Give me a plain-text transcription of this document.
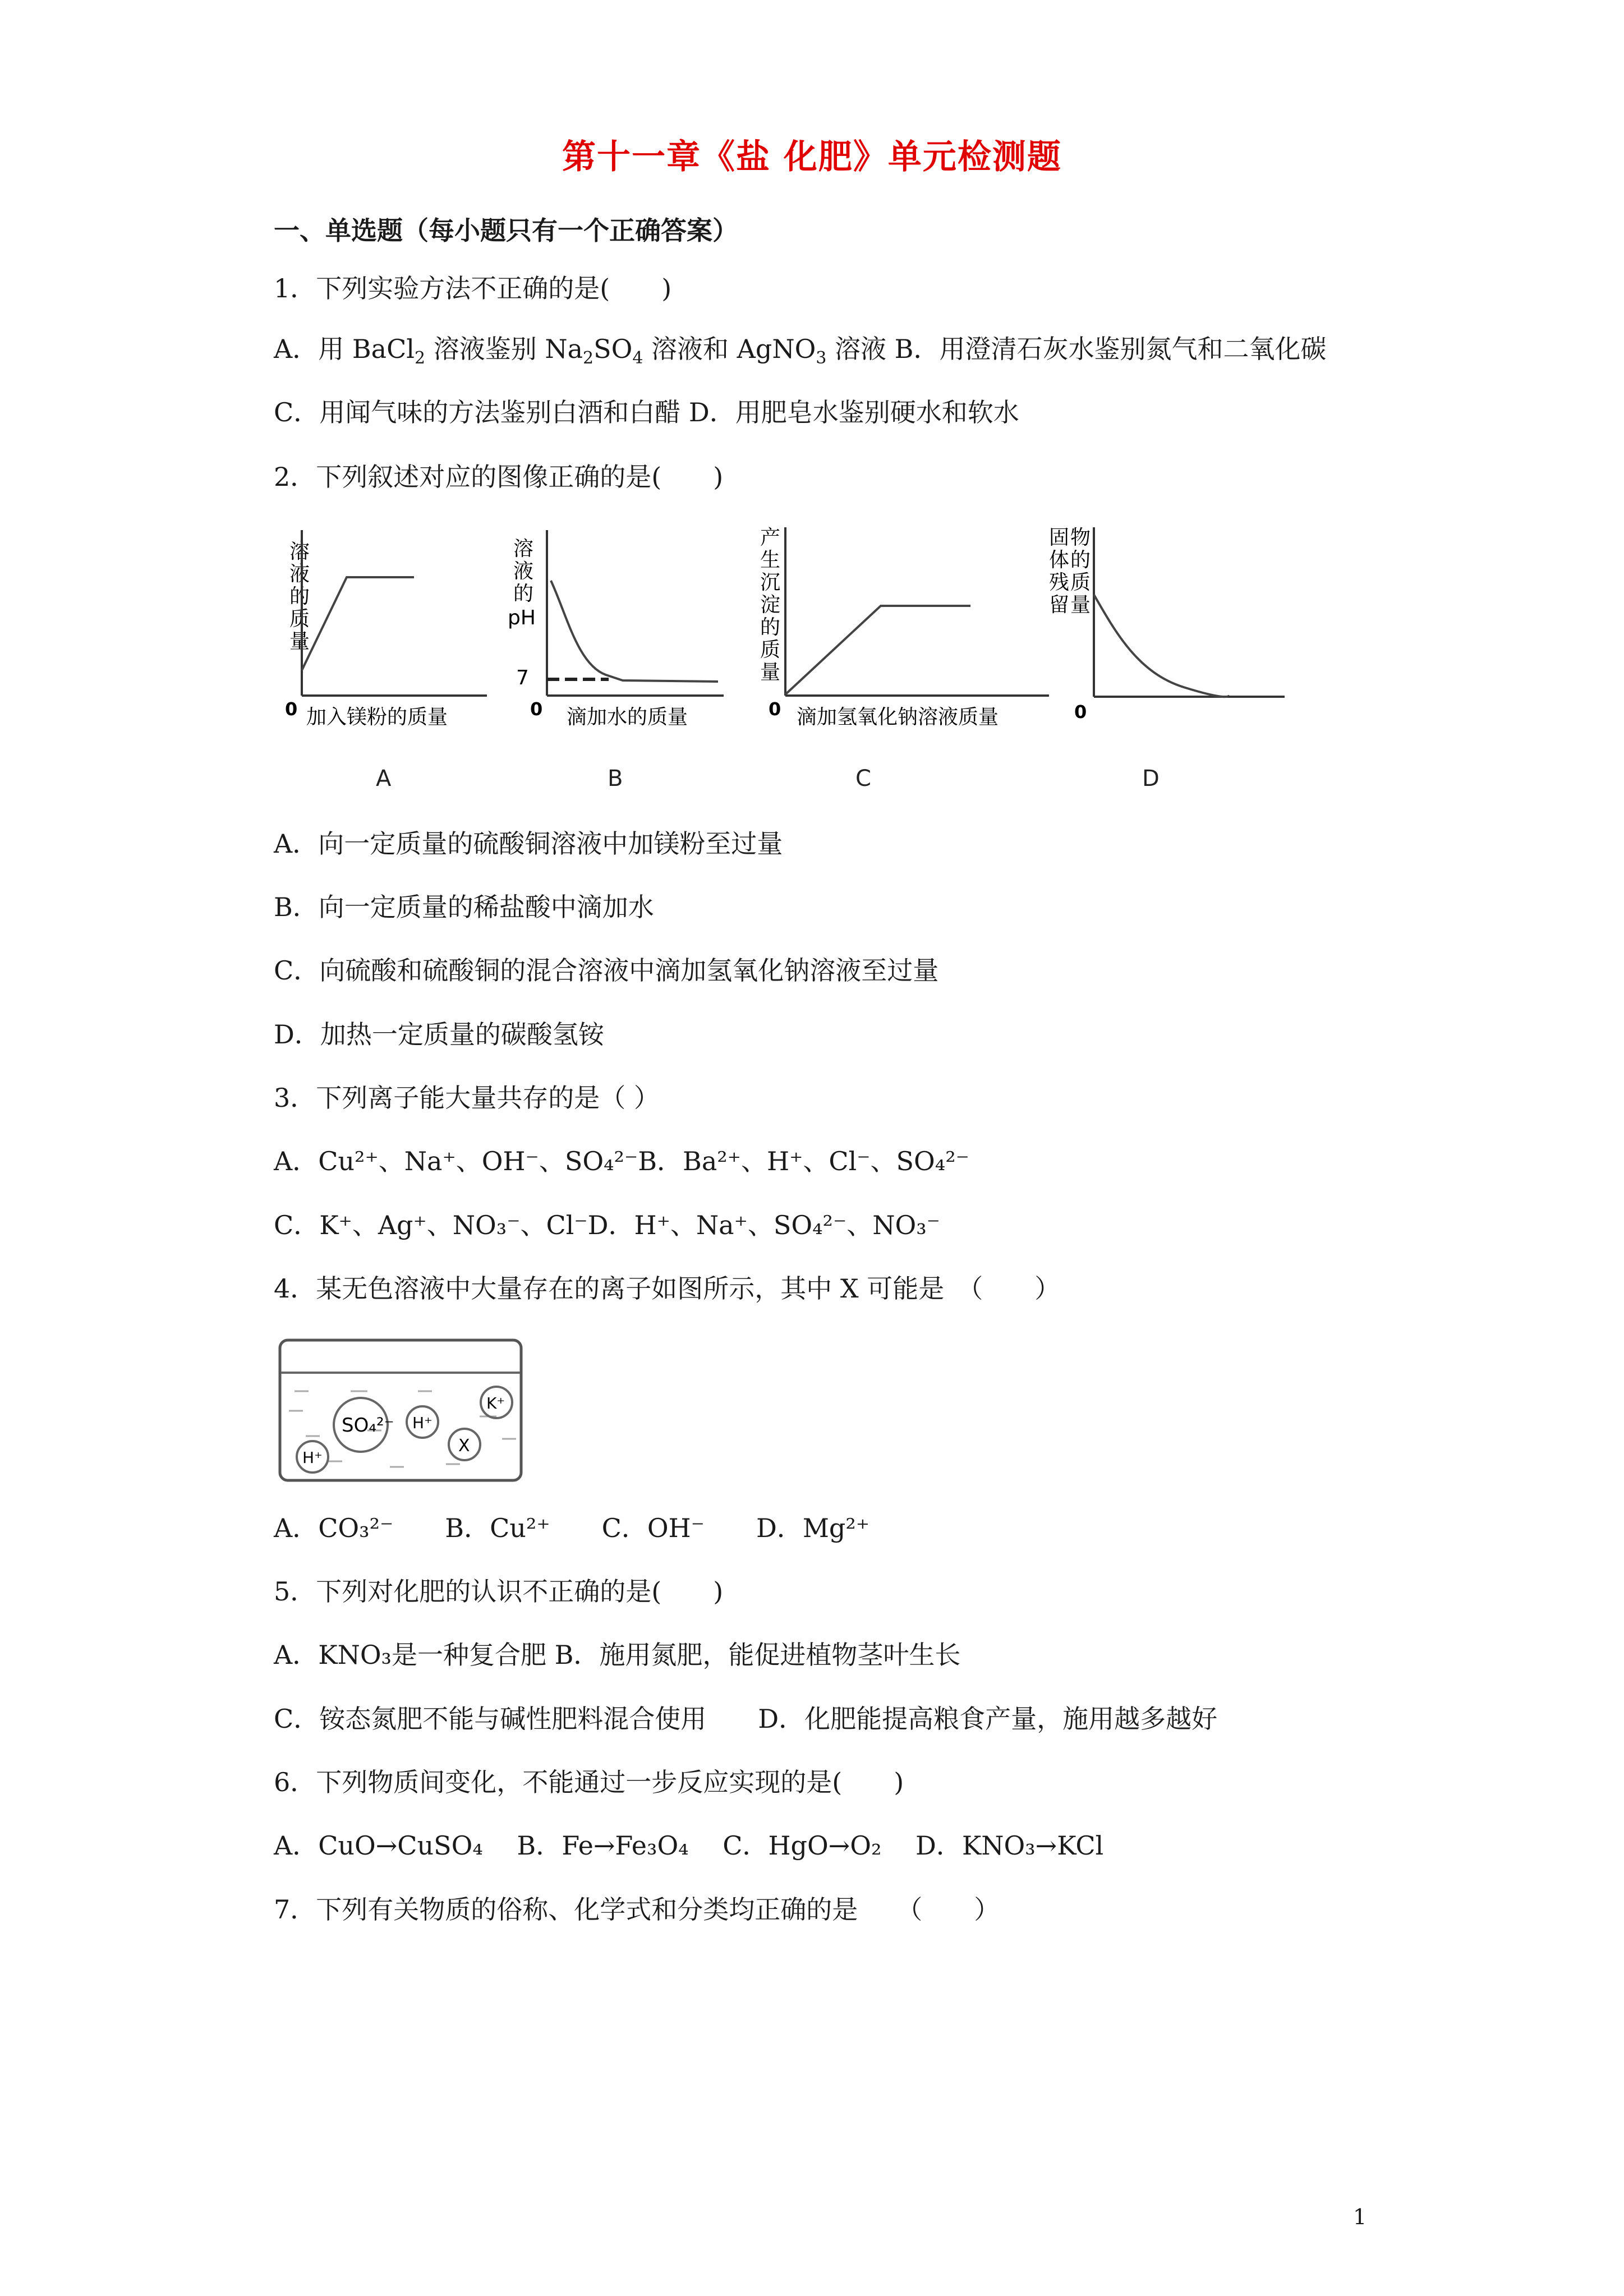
第十一章《盐 化肥》单元检测题
一、单选题（每小题只有一个正确答案）
1．下列实验方法不正确的是(　　)
A．用 BaCl$_2$ 溶液鉴别 $Na_2SO_4$ 溶液和 AgNO$_3$ 溶液 B．用澄清石灰水鉴别氮气和二氧化碳
C．用闻气味的方法鉴别白酒和白醋 D．用肥皂水鉴别硬水和软水
2．下列叙述对应的图像正确的是(　　)
溶
液
的
质
量
0 加入镁粉的质量
A
溶
液
的
pH
7
0 滴加水的质量
B
产
生
沉
淀
的
质
量
0 滴加氢氧化钠溶液质量
C
固
体
残
留
物
的
质
量
0
D
A．向一定质量的硫酸铜溶液中加镁粉至过量
B．向一定质量的稀盐酸中滴加水
C．向硫酸和硫酸铜的混合溶液中滴加氢氧化钠溶液至过量
D．加热一定质量的碳酸氢铵
3．下列离子能大量共存的是（ ）
A．Cu²⁺、Na⁺、OH⁻、SO₄²⁻B．Ba²⁺、H⁺、Cl⁻、SO₄²⁻
C．K⁺、Ag⁺、NO₃⁻、Cl⁻D．H⁺、Na⁺、SO₄²⁻、NO₃⁻
4．某无色溶液中大量存在的离子如图所示，其中 X 可能是　（　　）
SO₄²⁻ H⁺
K⁺
H⁺
X
A．CO₃²⁻　　B．Cu²⁺　　C．OH⁻　　D．Mg²⁺
5．下列对化肥的认识不正确的是(　　)
A．KNO₃是一种复合肥 B．施用氮肥，能促进植物茎叶生长
C．铵态氮肥不能与碱性肥料混合使用　　D．化肥能提高粮食产量，施用越多越好
6．下列物质间变化，不能通过一步反应实现的是(　　)
A．CuO→CuSO₄　 B．Fe→Fe₃O₄　 C．HgO→O₂　 D．KNO₃→KCl
7．下列有关物质的俗称、化学式和分类均正确的是　　（　　）
1
